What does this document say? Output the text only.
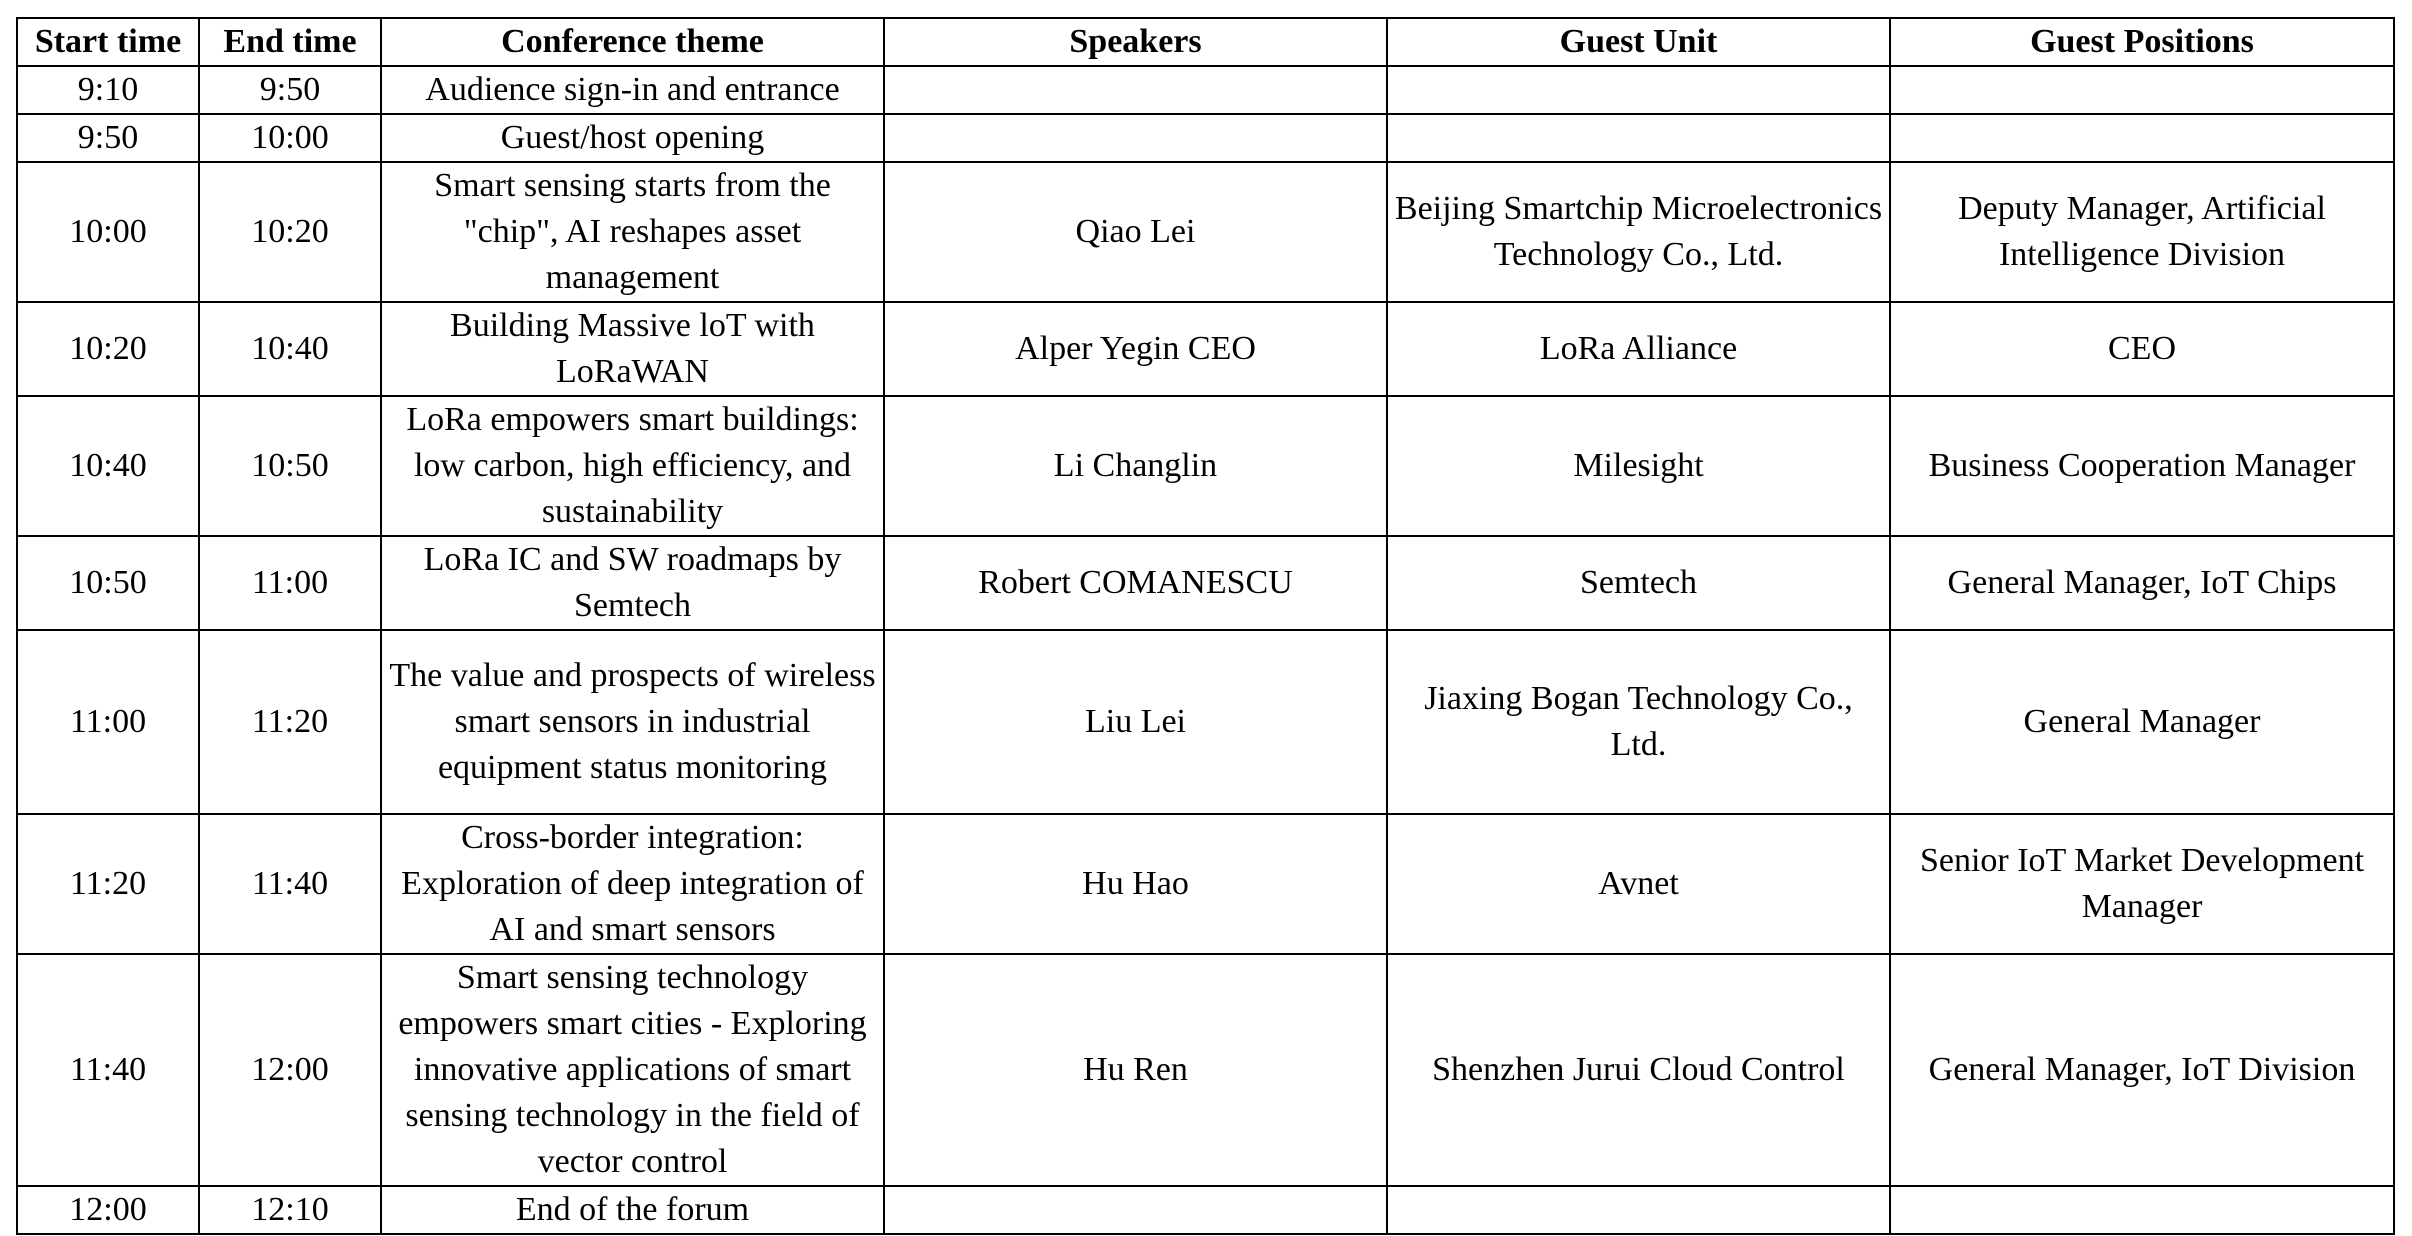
Start time	End time	Conference theme	Speakers	Guest Unit	Guest Positions
9:10	9:50	Audience sign-in and entrance			
9:50	10:00	Guest/host opening			
10:00	10:20	Smart sensing starts from the "chip", AI reshapes asset management	Qiao Lei	Beijing Smartchip Microelectronics Technology Co., Ltd.	Deputy Manager, Artificial Intelligence Division
10:20	10:40	Building Massive loT with LoRaWAN	Alper Yegin CEO	LoRa Alliance	CEO
10:40	10:50	LoRa empowers smart buildings: low carbon, high efficiency, and sustainability	Li Changlin	Milesight	Business Cooperation Manager
10:50	11:00	LoRa IC and SW roadmaps by Semtech	Robert COMANESCU	Semtech	General Manager, IoT Chips
11:00	11:20	The value and prospects of wireless smart sensors in industrial equipment status monitoring	Liu Lei	Jiaxing Bogan Technology Co., Ltd.	General Manager
11:20	11:40	Cross-border integration: Exploration of deep integration of AI and smart sensors	Hu Hao	Avnet	Senior IoT Market Development Manager
11:40	12:00	Smart sensing technology empowers smart cities - Exploring innovative applications of smart sensing technology in the field of vector control	Hu Ren	Shenzhen Jurui Cloud Control	General Manager, IoT Division
12:00	12:10	End of the forum			
